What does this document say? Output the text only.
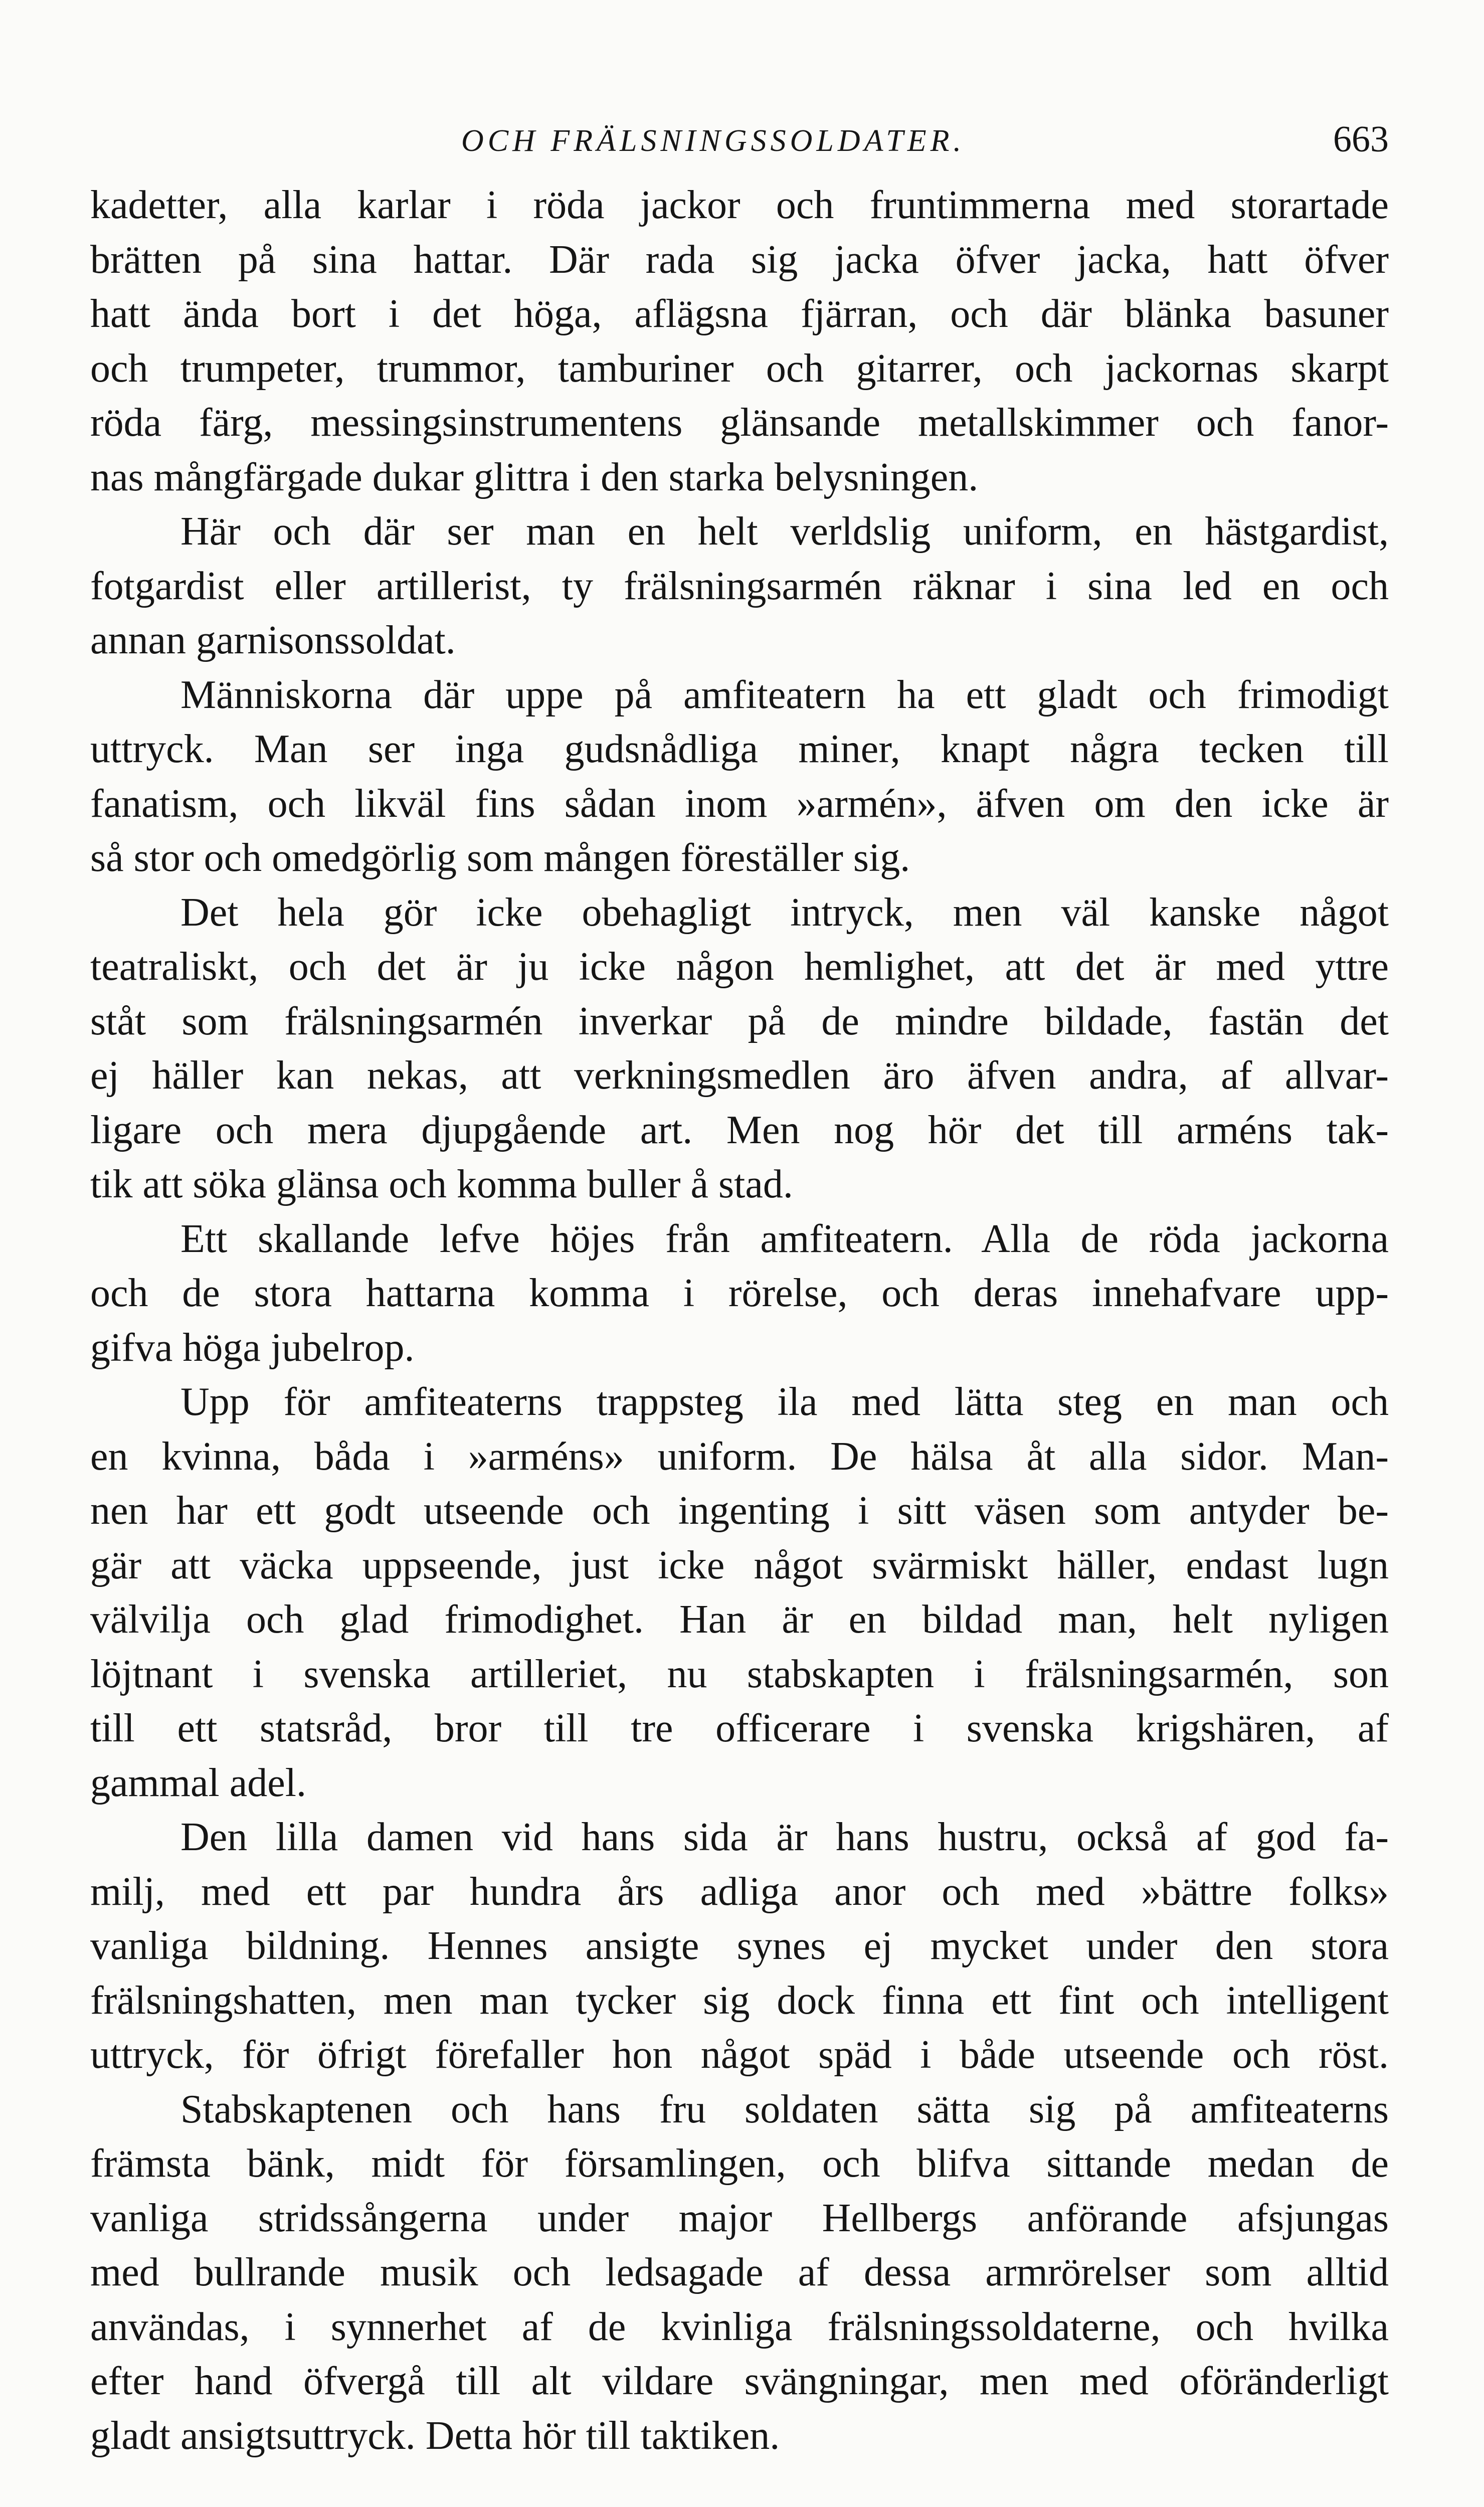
OCH FRÄLSNINGSSOLDATER.	663
kadetter, alla karlar i röda jackor och fruntimmerna med storartade
brätten på sina hattar. Där rada sig jacka öfver jacka, hatt öfver
hatt ända bort i det höga, aflägsna fjärran, och där blänka basuner
och trumpeter, trummor, tamburiner och gitarrer, och jackornas skarpt
röda färg, messingsinstrumentens glänsande metallskimmer och fanor-
nas mångfärgade dukar glittra i den starka belysningen.
Här och där ser man en helt verldslig uniform, en hästgardist,
fotgardist eller artillerist, ty frälsningsarmén räknar i sina led en och
annan garnisonssoldat.
Människorna där uppe på amfiteatern ha ett gladt och frimodigt
uttryck. Man ser inga gudsnådliga miner, knapt några tecken till
fanatism, och likväl fins sådan inom »armén», äfven om den icke är
så stor och omedgörlig som mången föreställer sig.
Det hela gör icke obehagligt intryck, men väl kanske något
teatraliskt, och det är ju icke någon hemlighet, att det är med yttre
ståt som frälsningsarmén inverkar på de mindre bildade, fastän det
ej häller kan nekas, att verkningsmedlen äro äfven andra, af allvar-
ligare och mera djupgående art. Men nog hör det till arméns tak-
tik att söka glänsa och komma buller å stad.
Ett skallande lefve höjes från amfiteatern. Alla de röda jackorna
och de stora hattarna komma i rörelse, och deras innehafvare upp-
gifva höga jubelrop.
Upp för amfiteaterns trappsteg ila med lätta steg en man och
en kvinna, båda i »arméns» uniform. De hälsa åt alla sidor. Man-
nen har ett godt utseende och ingenting i sitt väsen som antyder be-
gär att väcka uppseende, just icke något svärmiskt häller, endast lugn
välvilja och glad frimodighet. Han är en bildad man, helt nyligen
löjtnant i svenska artilleriet, nu stabskapten i frälsningsarmén, son
till ett statsråd, bror till tre officerare i svenska krigshären, af
gammal adel.
Den lilla damen vid hans sida är hans hustru, också af god fa-
milj, med ett par hundra års adliga anor och med »bättre folks»
vanliga bildning. Hennes ansigte synes ej mycket under den stora
frälsningshatten, men man tycker sig dock finna ett fint och intelligent
uttryck, för öfrigt förefaller hon något späd i både utseende och röst.
Stabskaptenen och hans fru soldaten sätta sig på amfiteaterns
främsta bänk, midt för församlingen, och blifva sittande medan de
vanliga stridssångerna under major Hellbergs anförande afsjungas
med bullrande musik och ledsagade af dessa armrörelser som alltid
användas, i synnerhet af de kvinliga frälsningssoldaterne, och hvilka
efter hand öfvergå till alt vildare svängningar, men med oföränderligt
gladt ansigtsuttryck. Detta hör till taktiken.
